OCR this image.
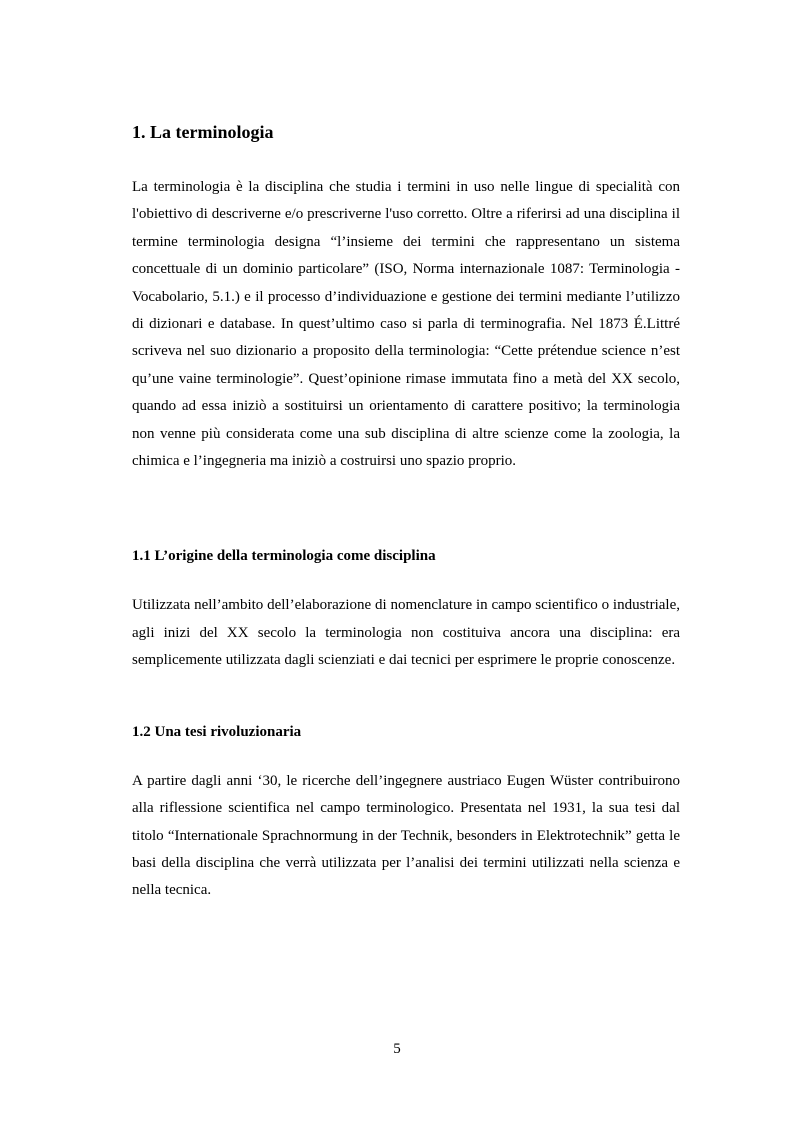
1. La terminologia

La terminologia è la disciplina che studia i termini in uso nelle lingue di specialità con l'obiettivo di descriverne e/o prescriverne l'uso corretto. Oltre a riferirsi ad una disciplina il termine terminologia designa “l’insieme dei termini che rappresentano un sistema concettuale di un dominio particolare” (ISO, Norma internazionale 1087: Terminologia - Vocabolario, 5.1.) e il processo d’individuazione e gestione dei termini mediante l’utilizzo di dizionari e database. In quest’ultimo caso si parla di terminografia. Nel 1873 É.Littré scriveva nel suo dizionario a proposito della terminologia: “Cette prétendue science n’est qu’une vaine terminologie”. Quest’opinione rimase immutata fino a metà del XX secolo, quando ad essa iniziò a sostituirsi un orientamento di carattere positivo; la terminologia non venne più considerata come una sub disciplina di altre scienze come la zoologia, la chimica e l’ingegneria ma iniziò a costruirsi uno spazio proprio.

1.1 L’origine della terminologia come disciplina

Utilizzata nell’ambito dell’elaborazione di nomenclature in campo scientifico o industriale, agli inizi del XX secolo la terminologia non costituiva ancora una disciplina: era semplicemente utilizzata dagli scienziati e dai tecnici per esprimere le proprie conoscenze.

1.2 Una tesi rivoluzionaria

A partire dagli anni ‘30, le ricerche dell’ingegnere austriaco Eugen Wüster contribuirono alla riflessione scientifica nel campo terminologico. Presentata nel 1931, la sua tesi dal titolo “Internationale Sprachnormung in der Technik, besonders in Elektrotechnik” getta le basi della disciplina che verrà utilizzata per l’analisi dei termini utilizzati nella scienza e nella tecnica.

5
